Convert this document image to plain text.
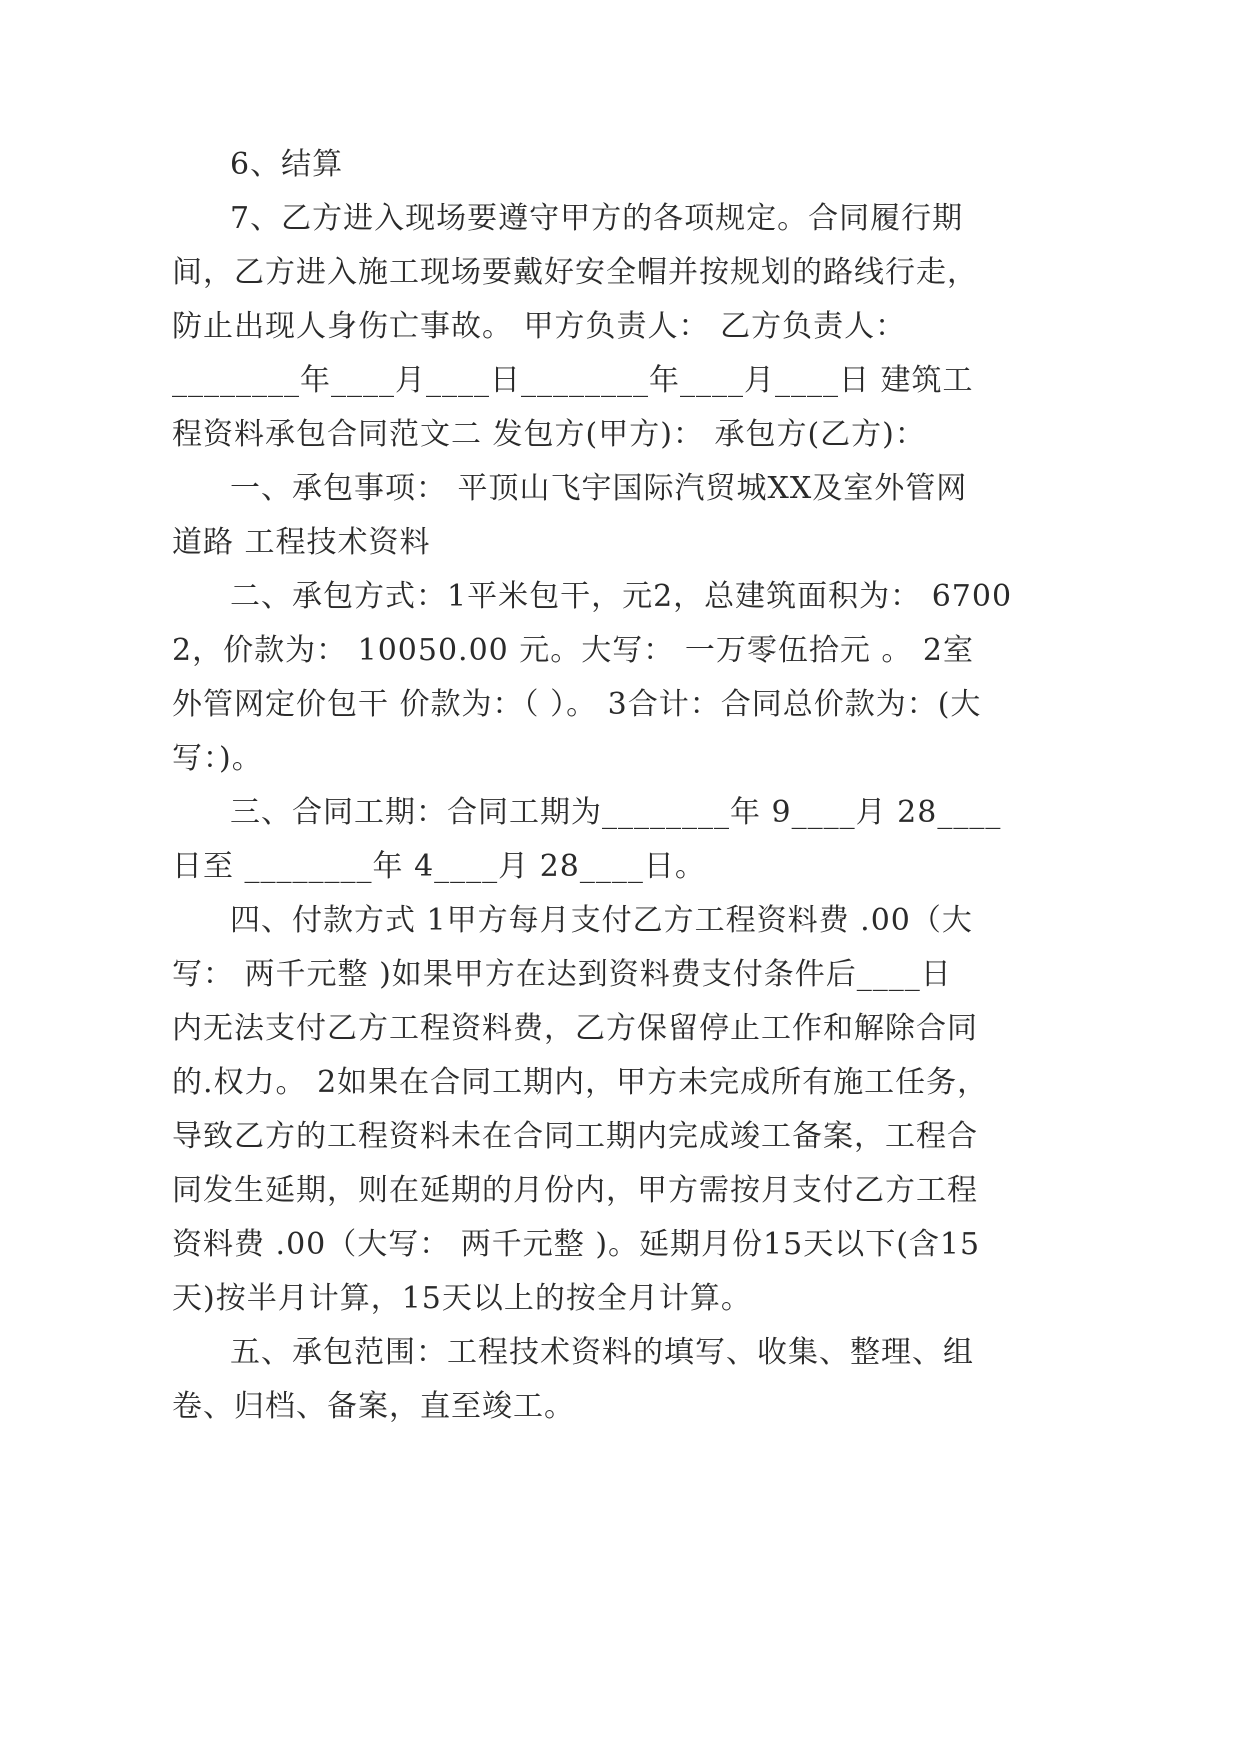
6、结算
7、乙方进入现场要遵守甲方的各项规定。合同履行期
间，乙方进入施工现场要戴好安全帽并按规划的路线行走，
防止出现人身伤亡事故。 甲方负责人： 乙方负责人：
________年____月____日________年____月____日 建筑工
程资料承包合同范文二 发包方(甲方)： 承包方(乙方)：
一、承包事项： 平顶山飞宇国际汽贸城XX及室外管网
道路 工程技术资料
二、承包方式：1平米包干，元2，总建筑面积为： 6700
2，价款为： 10050.00 元。大写： 一万零伍拾元 。 2室
外管网定价包干 价款为：（ ）。 3合计：合同总价款为：(大
写：)。
三、合同工期：合同工期为________年 9____月 28____
日至 ________年 4____月 28____日。
四、付款方式 1甲方每月支付乙方工程资料费 .00（大
写： 两千元整 )如果甲方在达到资料费支付条件后____日
内无法支付乙方工程资料费，乙方保留停止工作和解除合同
的.权力。 2如果在合同工期内，甲方未完成所有施工任务，
导致乙方的工程资料未在合同工期内完成竣工备案，工程合
同发生延期，则在延期的月份内，甲方需按月支付乙方工程
资料费 .00（大写： 两千元整 )。延期月份15天以下(含15
天)按半月计算，15天以上的按全月计算。
五、承包范围：工程技术资料的填写、收集、整理、组
卷、归档、备案，直至竣工。
